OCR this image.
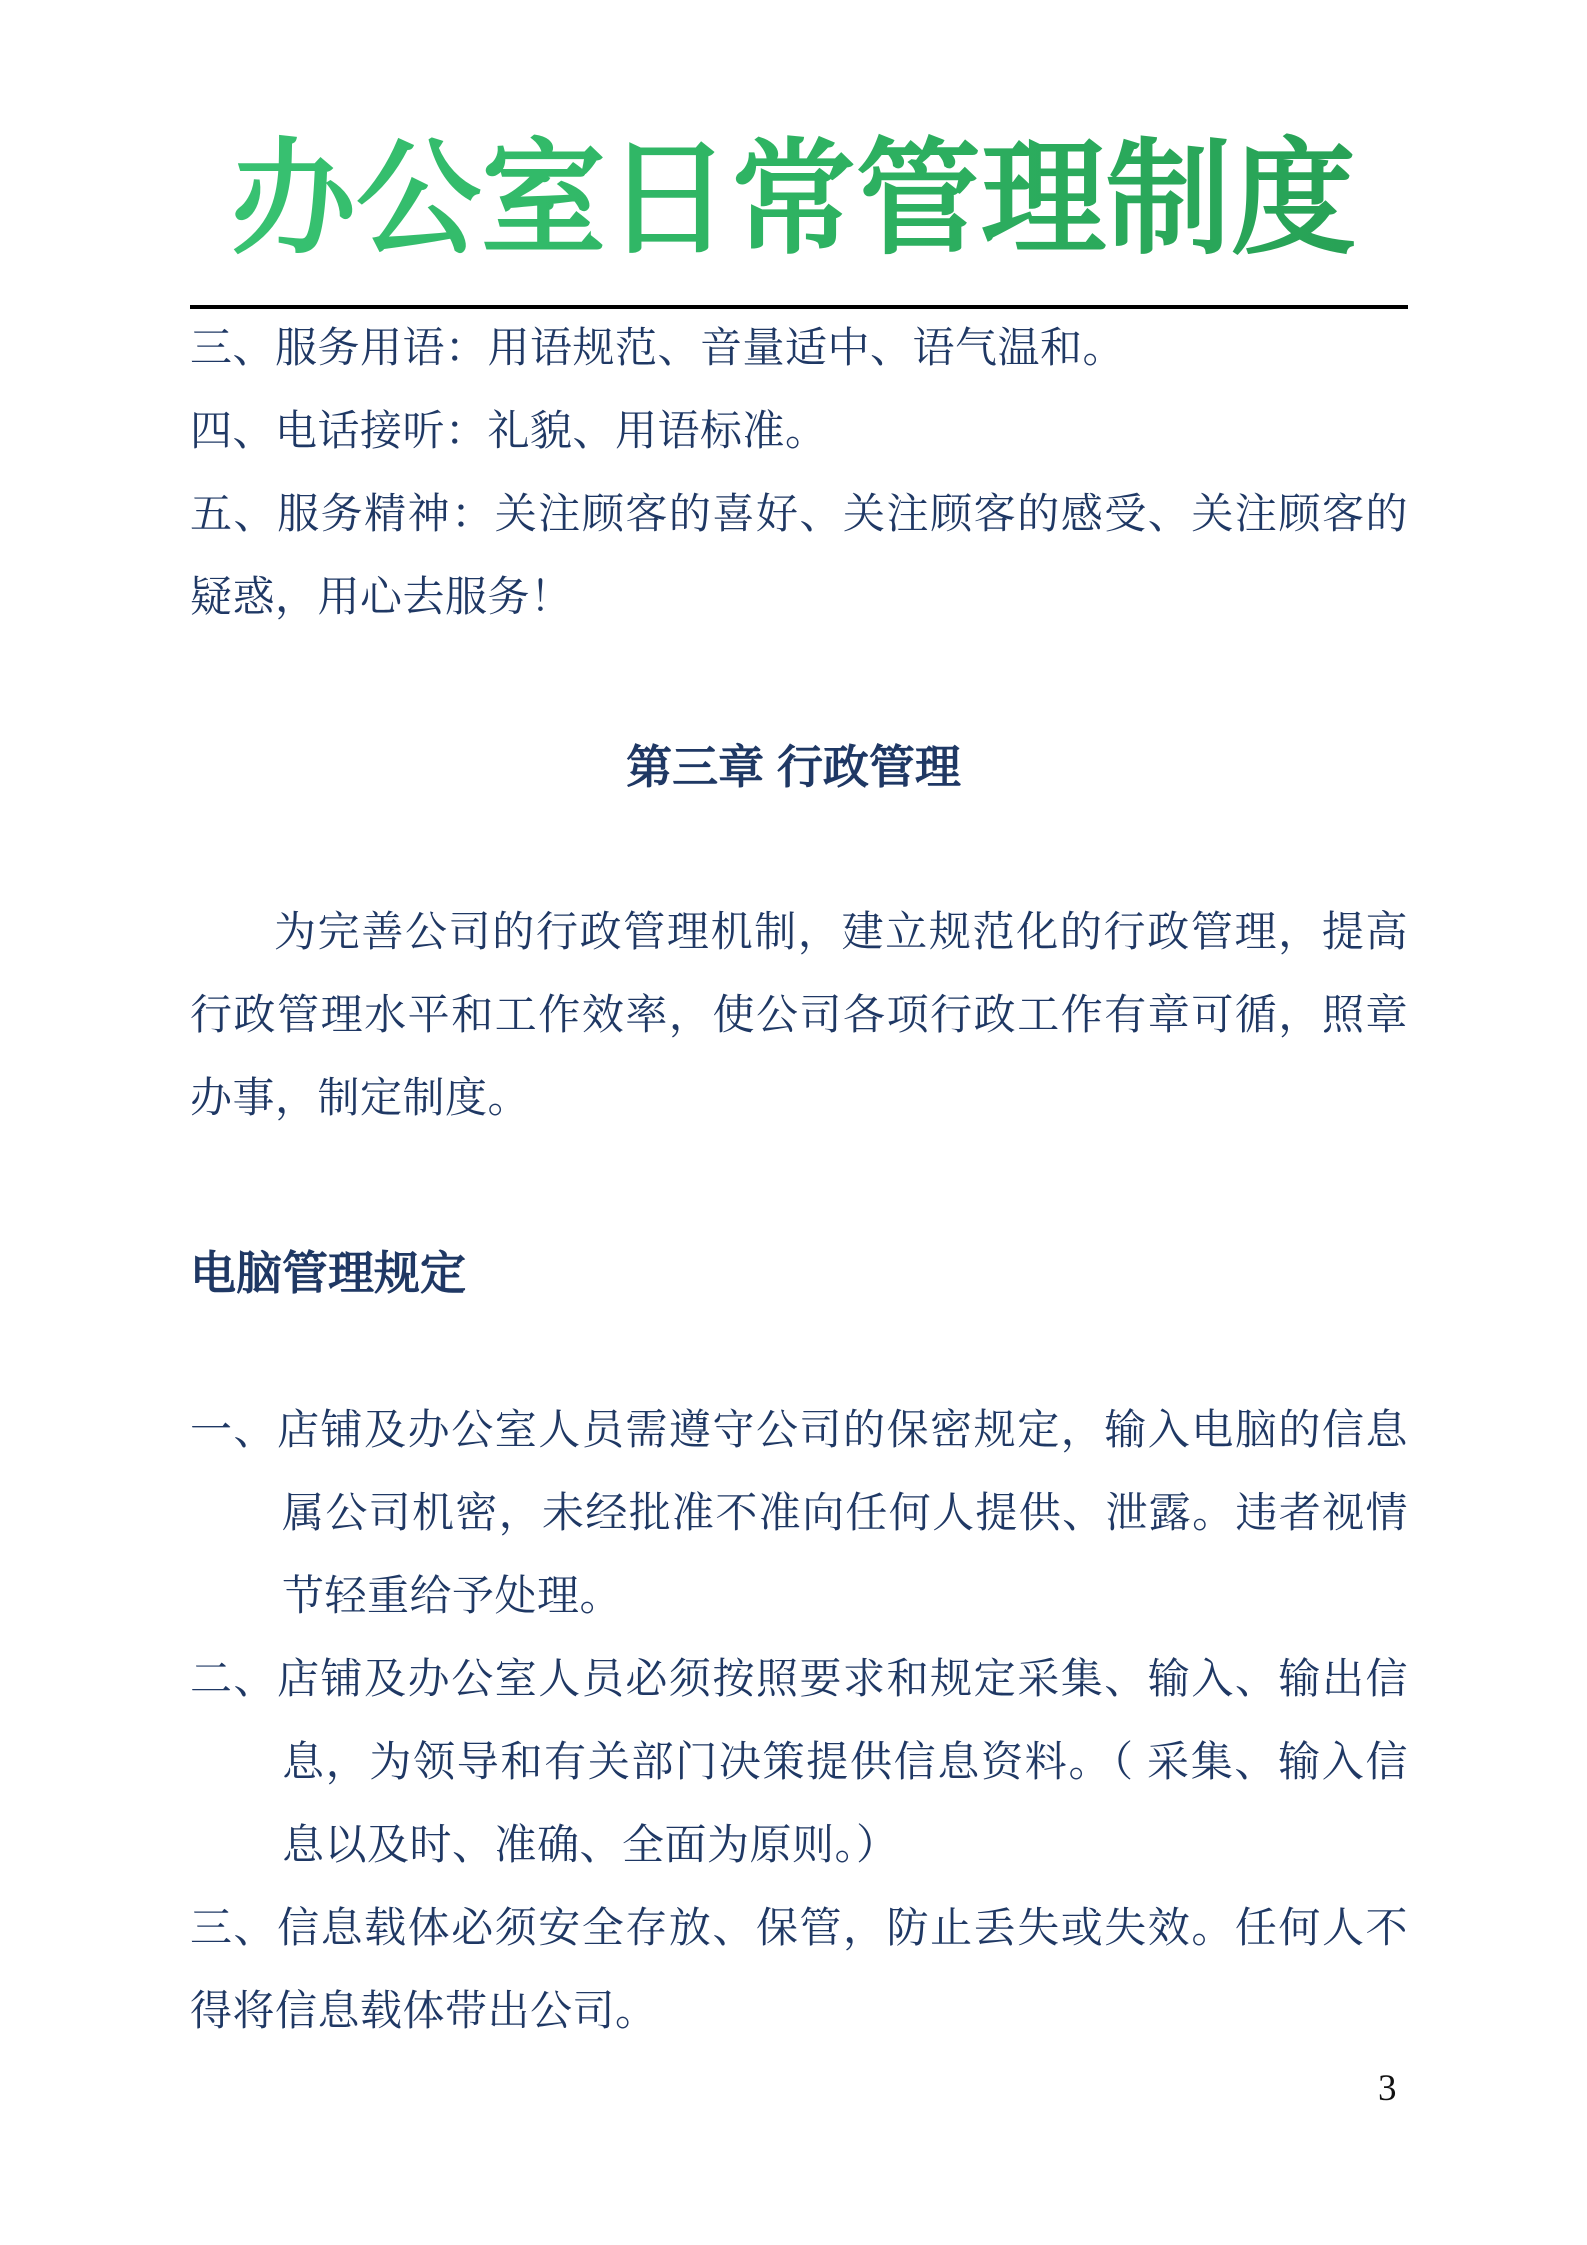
办公室日常管理制度
三、服务用语：用语规范、音量适中、语气温和。
四、电话接听：礼貌、用语标准。
五、服务精神：关注顾客的喜好、关注顾客的感受、关注顾客的
疑惑，用心去服务！
第三章 行政管理
为完善公司的行政管理机制，建立规范化的行政管理，提高
行政管理水平和工作效率，使公司各项行政工作有章可循，照章
办事，制定制度。
电脑管理规定
一、店铺及办公室人员需遵守公司的保密规定，输入电脑的信息
属公司机密，未经批准不准向任何人提供、泄露。违者视情
节轻重给予处理。
二、店铺及办公室人员必须按照要求和规定采集、输入、输出信
息，为领导和有关部门决策提供信息资料。（ 采集、输入信
息以及时、准确、全面为原则。）
三、信息载体必须安全存放、保管，防止丢失或失效。任何人不
得将信息载体带出公司。
3
